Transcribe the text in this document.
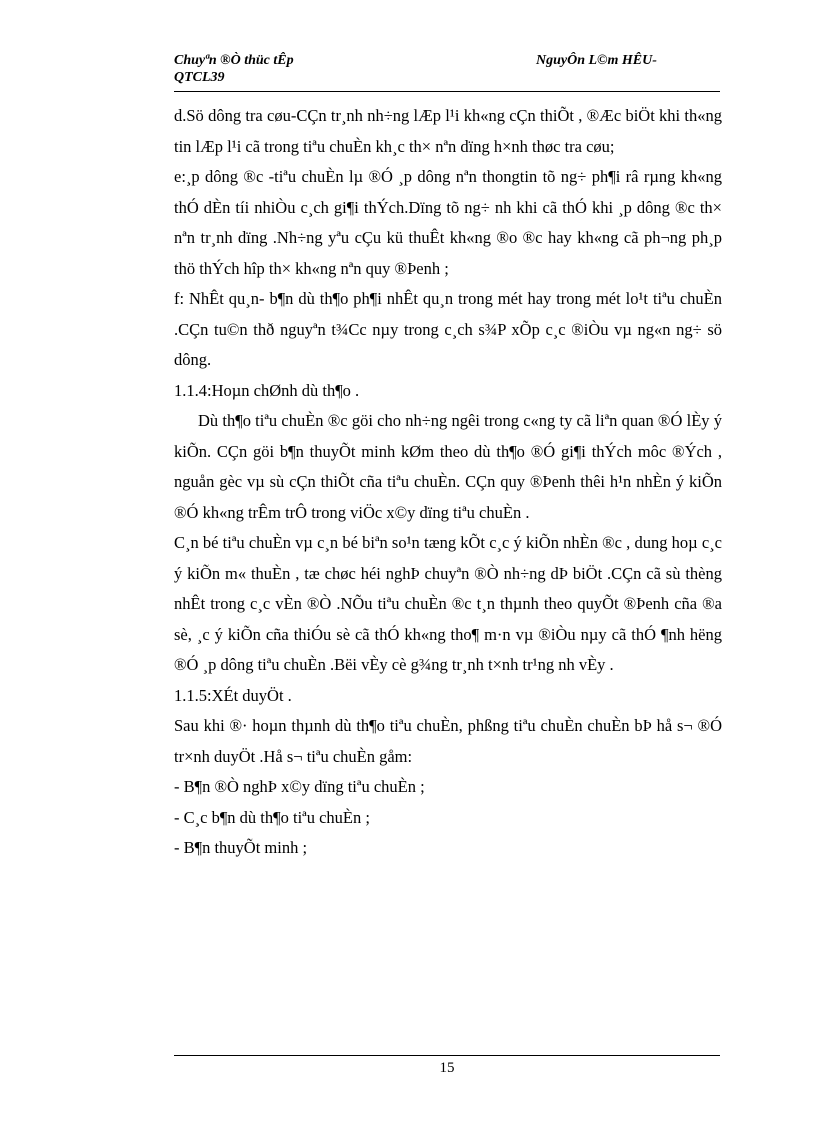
Chuyªn ®Ò thüc tÊp
QTCL39
NguyÔn L©m HÊU-

d.Sö dông tra cøu-CÇn tr¸nh nh÷ng lÆp l¹i kh«ng cÇn thiÕt , ®Æc biÖt khi th«ng tin lÆp l¹i cã trong tiªu chuÈn kh¸c th× nªn dïng h×nh thøc tra cøu;

e:¸p dông ®c -tiªu chuÈn lµ ®Ó ¸p dông nªn thongtin tõ ng÷ ph¶i râ rµng kh«ng thÓ dÈn tíi nhiÒu c¸ch gi¶i thÝch.Dïng tõ ng÷ nh khi cã thÓ khi ¸p dông ®c th× nªn tr¸nh dïng .Nh÷ng yªu cÇu kü thuÊt kh«ng ®o ®c hay kh«ng cã ph¬ng ph¸p thö thÝch hîp th× kh«ng nªn quy ®Þenh ;

f: NhÊt qu¸n- b¶n dù th¶o ph¶i nhÊt qu¸n trong mét hay trong mét lo¹t tiªu chuÈn .CÇn tu©n thð nguyªn t¾Cc nµy trong c¸ch s¾P xÕp c¸c ®iÒu vµ ng«n ng÷ sö dông.

1.1.4:Hoµn chØnh dù th¶o .

Dù th¶o tiªu chuÈn ®c göi cho nh÷ng ngêi trong c«ng ty cã liªn quan ®Ó lÈy ý kiÕn. CÇn göi b¶n thuyÕt minh kØm theo dù th¶o ®Ó gi¶i thÝch môc ®Ých , nguån gèc vµ sù cÇn thiÕt cña tiªu chuÈn. CÇn quy ®Þenh thêi h¹n nhÈn ý kiÕn ®Ó kh«ng trÊm trÔ trong viÖc x©y dïng tiªu chuÈn .

C¸n bé tiªu chuÈn vµ c¸n bé biªn so¹n tæng kÕt c¸c ý kiÕn nhÈn ®c , dung hoµ c¸c ý kiÕn m« thuÈn , tæ chøc héi nghÞ chuyªn ®Ò nh÷ng dÞ biÖt .CÇn cã sù thèng nhÊt trong c¸c vÈn ®Ò .NÕu tiªu chuÈn ®c t¸n thµnh theo quyÕt ®Þenh cña ®a sè, ¸c ý kiÕn cña thiÓu sè cã thÓ kh«ng tho¶ m·n vµ ®iÒu nµy cã thÓ ¶nh hëng ®Ó ¸p dông tiªu chuÈn .Bëi vÈy cè g¾ng tr¸nh t×nh tr¹ng nh vÈy .

1.1.5:XÉt duyÖt .

Sau khi ®· hoµn thµnh dù th¶o tiªu chuÈn, phßng tiªu chuÈn chuÈn bÞ hå s¬ ®Ó tr×nh duyÖt .Hå s¬ tiªu chuÈn gåm:

- B¶n ®Ò nghÞ x©y dïng tiªu chuÈn ;

- C¸c b¶n dù th¶o tiªu chuÈn ;

- B¶n thuyÕt minh ;

15
